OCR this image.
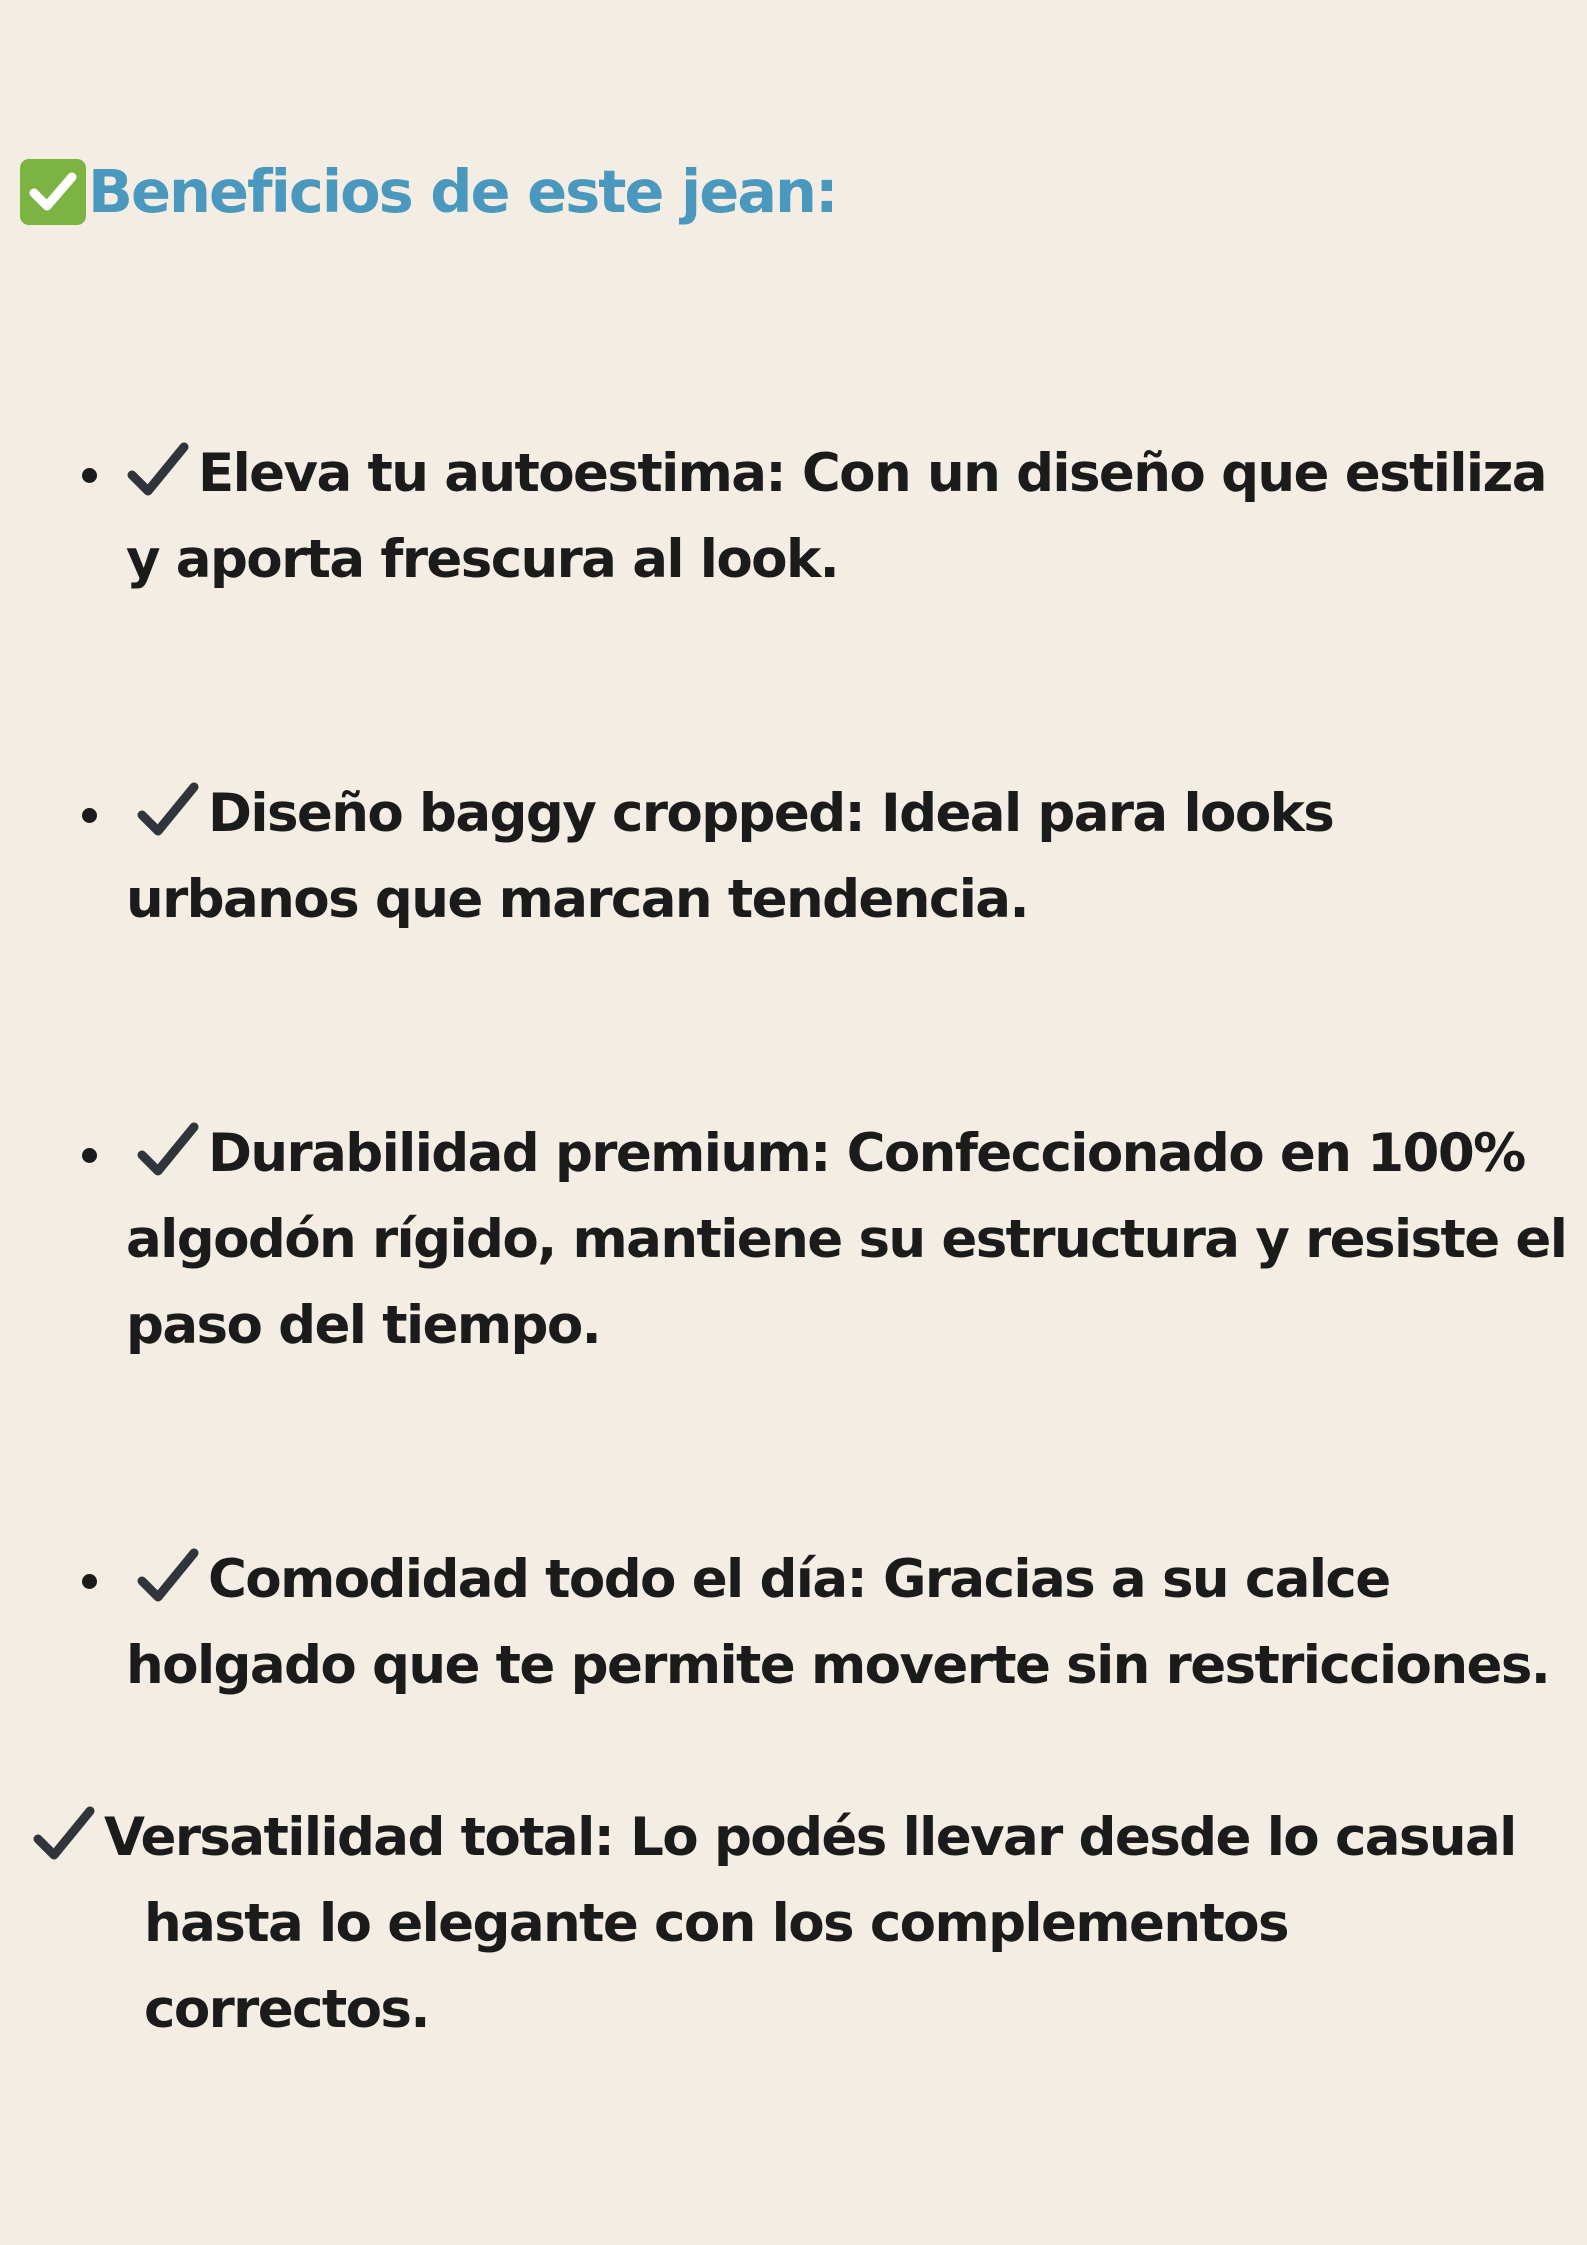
Beneficios de este jean:
Eleva tu autoestima: Con un diseño que estiliza
y aporta frescura al look.
Diseño baggy cropped: Ideal para looks
urbanos que marcan tendencia.
Durabilidad premium: Confeccionado en 100%
algodón rígido, mantiene su estructura y resiste el
paso del tiempo.
Comodidad todo el día: Gracias a su calce
holgado que te permite moverte sin restricciones.
Versatilidad total: Lo podés llevar desde lo casual
hasta lo elegante con los complementos
correctos.
